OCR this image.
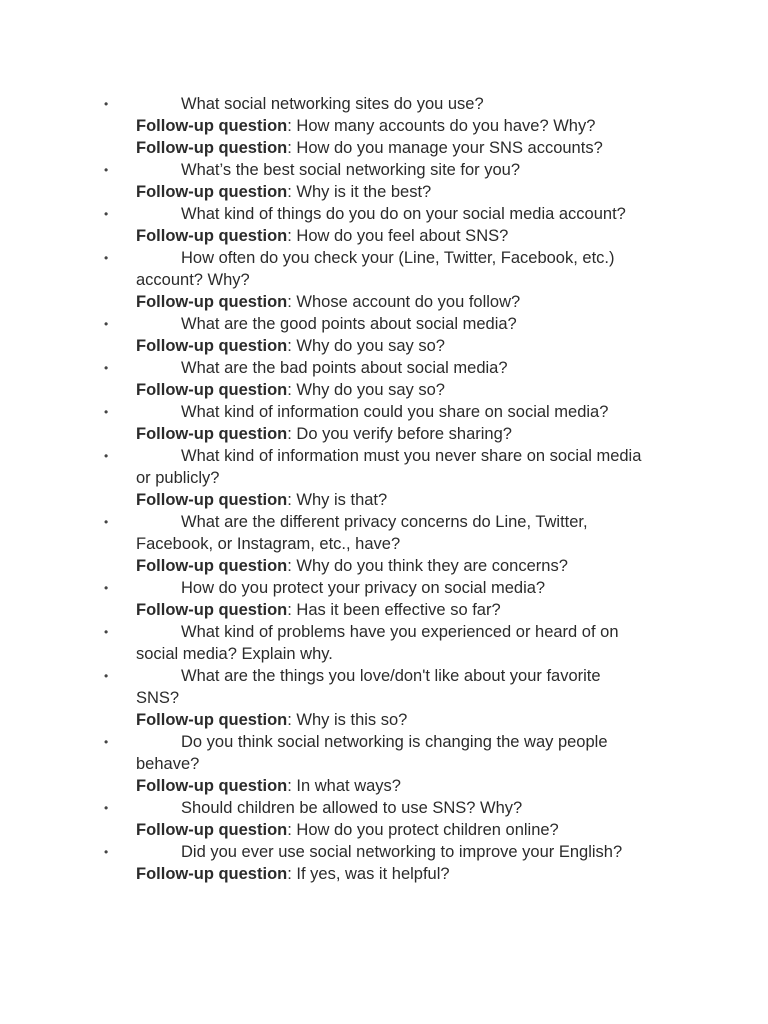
•	What social networking sites do you use?
Follow-up question: How many accounts do you have? Why?
Follow-up question: How do you manage your SNS accounts?
•	What’s the best social networking site for you?
Follow-up question: Why is it the best?
•	What kind of things do you do on your social media account?
Follow-up question: How do you feel about SNS?
•	How often do you check your (Line, Twitter, Facebook, etc.)
account? Why?
Follow-up question: Whose account do you follow?
•	What are the good points about social media?
Follow-up question: Why do you say so?
•	What are the bad points about social media?
Follow-up question: Why do you say so?
•	What kind of information could you share on social media?
Follow-up question: Do you verify before sharing?
•	What kind of information must you never share on social media
or publicly?
Follow-up question: Why is that?
•	What are the different privacy concerns do Line, Twitter,
Facebook, or Instagram, etc., have?
Follow-up question: Why do you think they are concerns?
•	How do you protect your privacy on social media?
Follow-up question: Has it been effective so far?
•	What kind of problems have you experienced or heard of on
social media? Explain why.
•	What are the things you love/don't like about your favorite
SNS?
Follow-up question: Why is this so?
•	Do you think social networking is changing the way people
behave?
Follow-up question: In what ways?
•	Should children be allowed to use SNS? Why?
Follow-up question: How do you protect children online?
•	Did you ever use social networking to improve your English?
Follow-up question: If yes, was it helpful?
